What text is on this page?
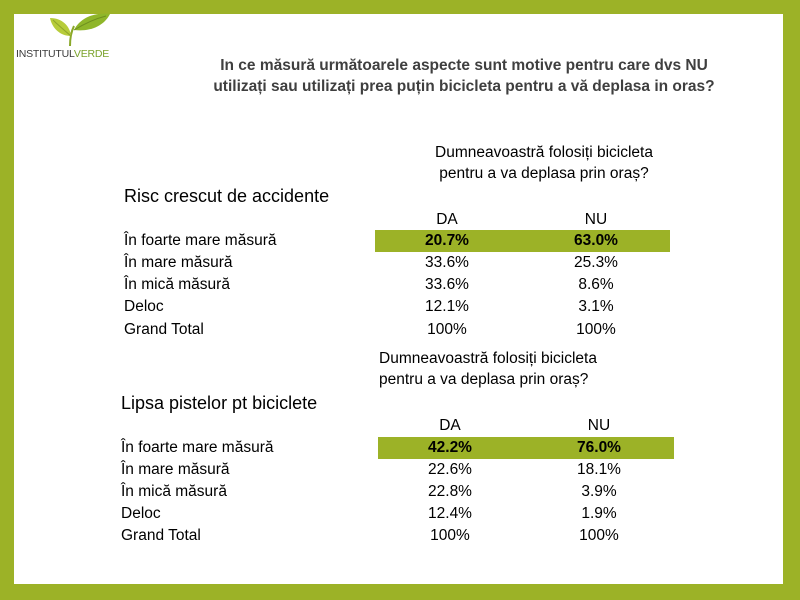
INSTITUTULVERDE
In ce măsură următoarele aspecte sunt motive pentru care dvs NU
utilizați sau utilizați prea puțin bicicleta pentru a vă deplasa in oras?
Dumneavoastră folosiți bicicleta
pentru a va deplasa prin oraș?
Risc crescut de accidente
DA	NU
În foarte mare măsură	20.7%	63.0%
În mare măsură	33.6%	25.3%
În mică măsură	33.6%	8.6%
Deloc	12.1%	3.1%
Grand Total	100%	100%
Dumneavoastră folosiți bicicleta
pentru a va deplasa prin oraș?
Lipsa pistelor pt biciclete
DA	NU
În foarte mare măsură	42.2%	76.0%
În mare măsură	22.6%	18.1%
În mică măsură	22.8%	3.9%
Deloc	12.4%	1.9%
Grand Total	100%	100%
